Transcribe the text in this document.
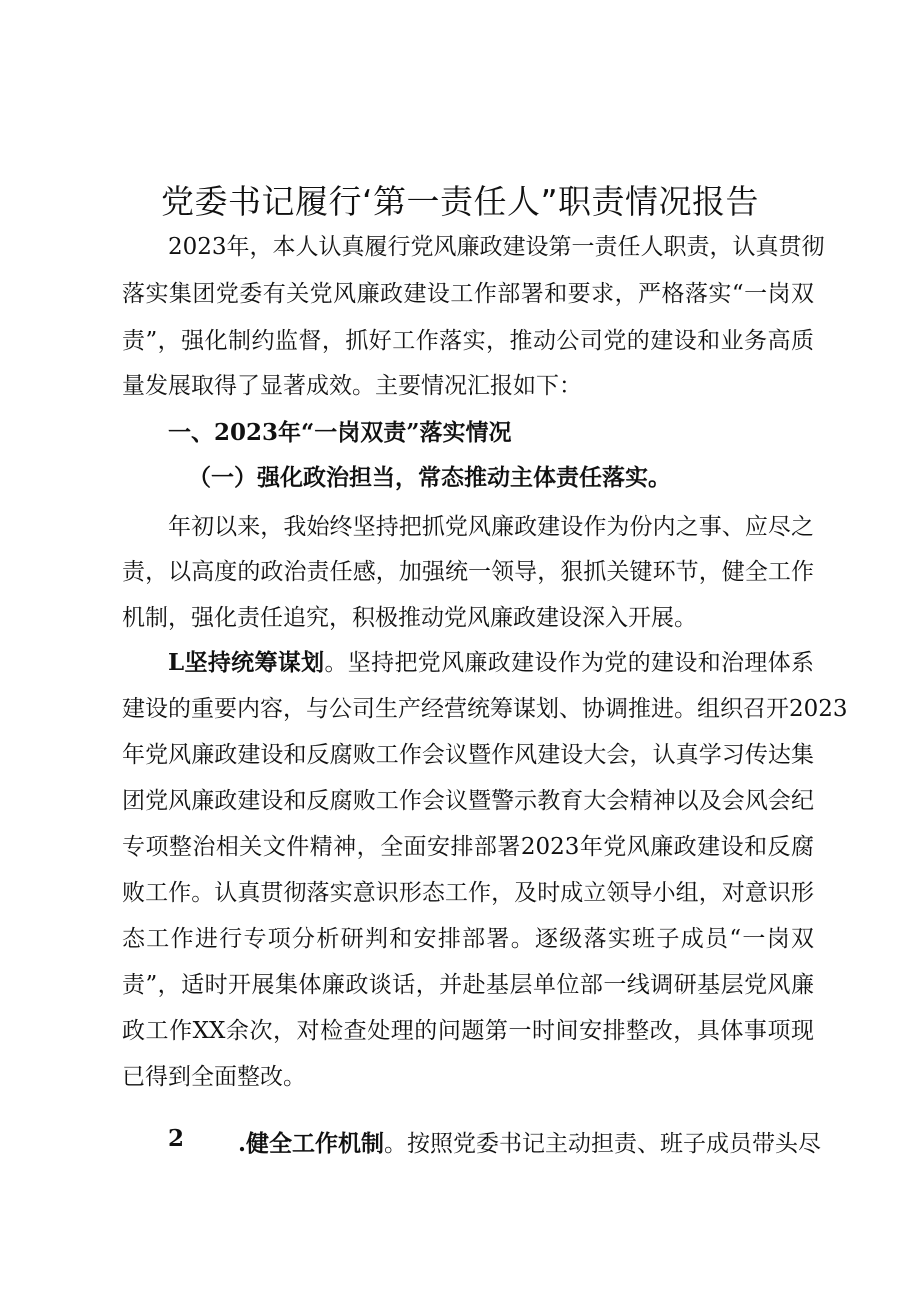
党委书记履行‘第一责任人”职责情况报告
2023年，本人认真履行党风廉政建设第一责任人职责，认真贯彻
落实集团党委有关党风廉政建设工作部署和要求，严格落实“一岗双
责”，强化制约监督，抓好工作落实，推动公司党的建设和业务高质
量发展取得了显著成效。主要情况汇报如下：
一、2023年“一岗双责”落实情况
（一）强化政治担当，常态推动主体责任落实。
年初以来，我始终坚持把抓党风廉政建设作为份内之事、应尽之
责，以高度的政治责任感，加强统一领导，狠抓关键环节，健全工作
机制，强化责任追究，积极推动党风廉政建设深入开展。
L坚持统筹谋划。坚持把党风廉政建设作为党的建设和治理体系
建设的重要内容，与公司生产经营统筹谋划、协调推进。组织召开2023
年党风廉政建设和反腐败工作会议暨作风建设大会，认真学习传达集
团党风廉政建设和反腐败工作会议暨警示教育大会精神以及会风会纪
专项整治相关文件精神，全面安排部署2023年党风廉政建设和反腐
败工作。认真贯彻落实意识形态工作，及时成立领导小组，对意识形
态工作进行专项分析研判和安排部署。逐级落实班子成员“一岗双
责”，适时开展集体廉政谈话，并赴基层单位部一线调研基层党风廉
政工作XX余次，对检查处理的问题第一时间安排整改，具体事项现
已得到全面整改。
2 .健全工作机制。按照党委书记主动担责、班子成员带头尽
